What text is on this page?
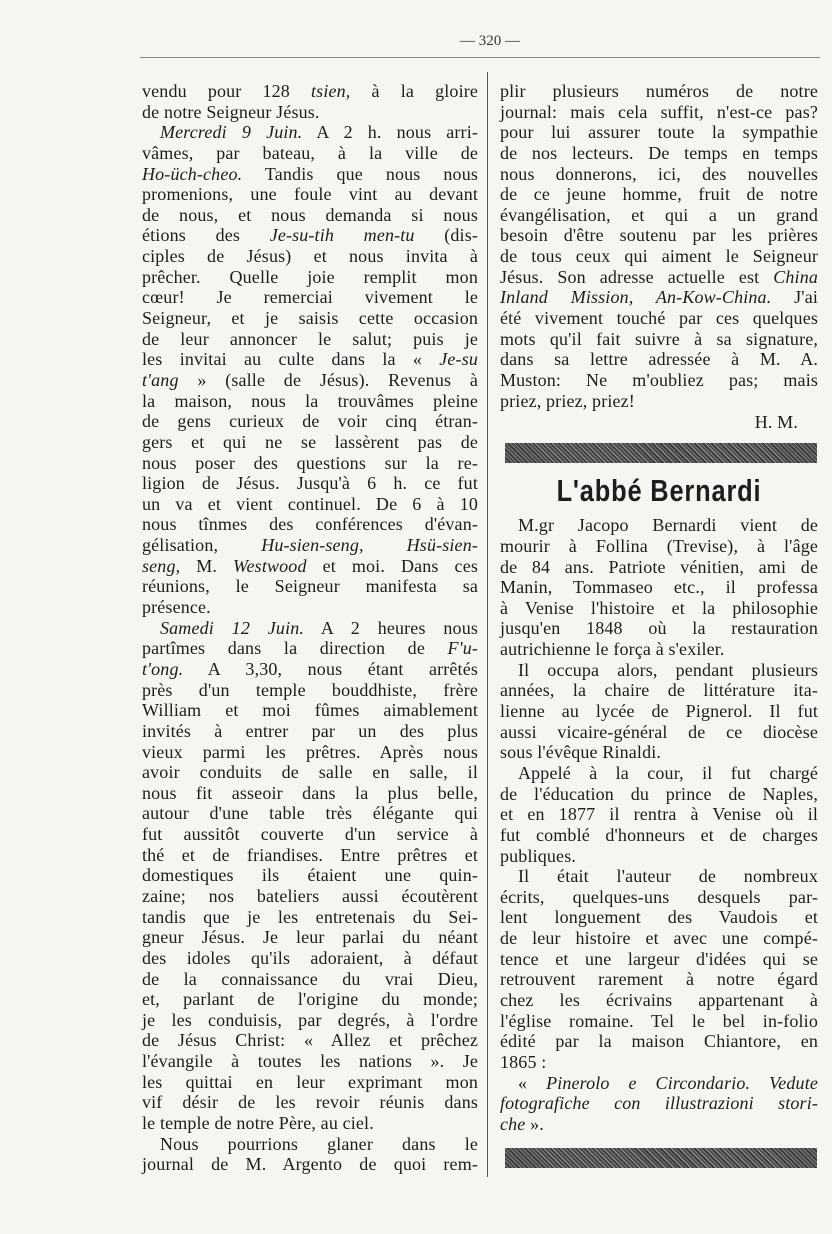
— 320 —
vendu pour 128 tsien, à la gloire
de notre Seigneur Jésus.
Mercredi 9 Juin. A 2 h. nous arri-
vâmes, par bateau, à la ville de
Ho-üch-cheo. Tandis que nous nous
promenions, une foule vint au devant
de nous, et nous demanda si nous
étions des Je-su-tih men-tu (dis-
ciples de Jésus) et nous invita à
prêcher. Quelle joie remplit mon
cœur! Je remerciai vivement le
Seigneur, et je saisis cette occasion
de leur annoncer le salut; puis je
les invitai au culte dans la « Je-su
t'ang » (salle de Jésus). Revenus à
la maison, nous la trouvâmes pleine
de gens curieux de voir cinq étran-
gers et qui ne se lassèrent pas de
nous poser des questions sur la re-
ligion de Jésus. Jusqu'à 6 h. ce fut
un va et vient continuel. De 6 à 10
nous tînmes des conférences d'évan-
gélisation, Hu-sien-seng, Hsü-sien-
seng, M. Westwood et moi. Dans ces
réunions, le Seigneur manifesta sa
présence.
Samedi 12 Juin. A 2 heures nous
partîmes dans la direction de F'u-
t'ong. A 3,30, nous étant arrêtés
près d'un temple bouddhiste, frère
William et moi fûmes aimablement
invités à entrer par un des plus
vieux parmi les prêtres. Après nous
avoir conduits de salle en salle, il
nous fit asseoir dans la plus belle,
autour d'une table très élégante qui
fut aussitôt couverte d'un service à
thé et de friandises. Entre prêtres et
domestiques ils étaient une quin-
zaine; nos bateliers aussi écoutèrent
tandis que je les entretenais du Sei-
gneur Jésus. Je leur parlai du néant
des idoles qu'ils adoraient, à défaut
de la connaissance du vrai Dieu,
et, parlant de l'origine du monde;
je les conduisis, par degrés, à l'ordre
de Jésus Christ: « Allez et prêchez
l'évangile à toutes les nations ». Je
les quittai en leur exprimant mon
vif désir de les revoir réunis dans
le temple de notre Père, au ciel.
Nous pourrions glaner dans le
journal de M. Argento de quoi rem-
plir plusieurs numéros de notre
journal: mais cela suffit, n'est-ce pas?
pour lui assurer toute la sympathie
de nos lecteurs. De temps en temps
nous donnerons, ici, des nouvelles
de ce jeune homme, fruit de notre
évangélisation, et qui a un grand
besoin d'être soutenu par les prières
de tous ceux qui aiment le Seigneur
Jésus. Son adresse actuelle est China
Inland Mission, An-Kow-China. J'ai
été vivement touché par ces quelques
mots qu'il fait suivre à sa signature,
dans sa lettre adressée à M. A.
Muston: Ne m'oubliez pas; mais
priez, priez, priez!
H. M.
L'abbé Bernardi
M.gr Jacopo Bernardi vient de
mourir à Follina (Trevise), à l'âge
de 84 ans. Patriote vénitien, ami de
Manin, Tommaseo etc., il professa
à Venise l'histoire et la philosophie
jusqu'en 1848 où la restauration
autrichienne le força à s'exiler.
Il occupa alors, pendant plusieurs
années, la chaire de littérature ita-
lienne au lycée de Pignerol. Il fut
aussi vicaire-général de ce diocèse
sous l'évêque Rinaldi.
Appelé à la cour, il fut chargé
de l'éducation du prince de Naples,
et en 1877 il rentra à Venise où il
fut comblé d'honneurs et de charges
publiques.
Il était l'auteur de nombreux
écrits, quelques-uns desquels par-
lent longuement des Vaudois et
de leur histoire et avec une compé-
tence et une largeur d'idées qui se
retrouvent rarement à notre égard
chez les écrivains appartenant à
l'église romaine. Tel le bel in-folio
édité par la maison Chiantore, en
1865 :
« Pinerolo e Circondario. Vedute
fotografiche con illustrazioni stori-
che ».
